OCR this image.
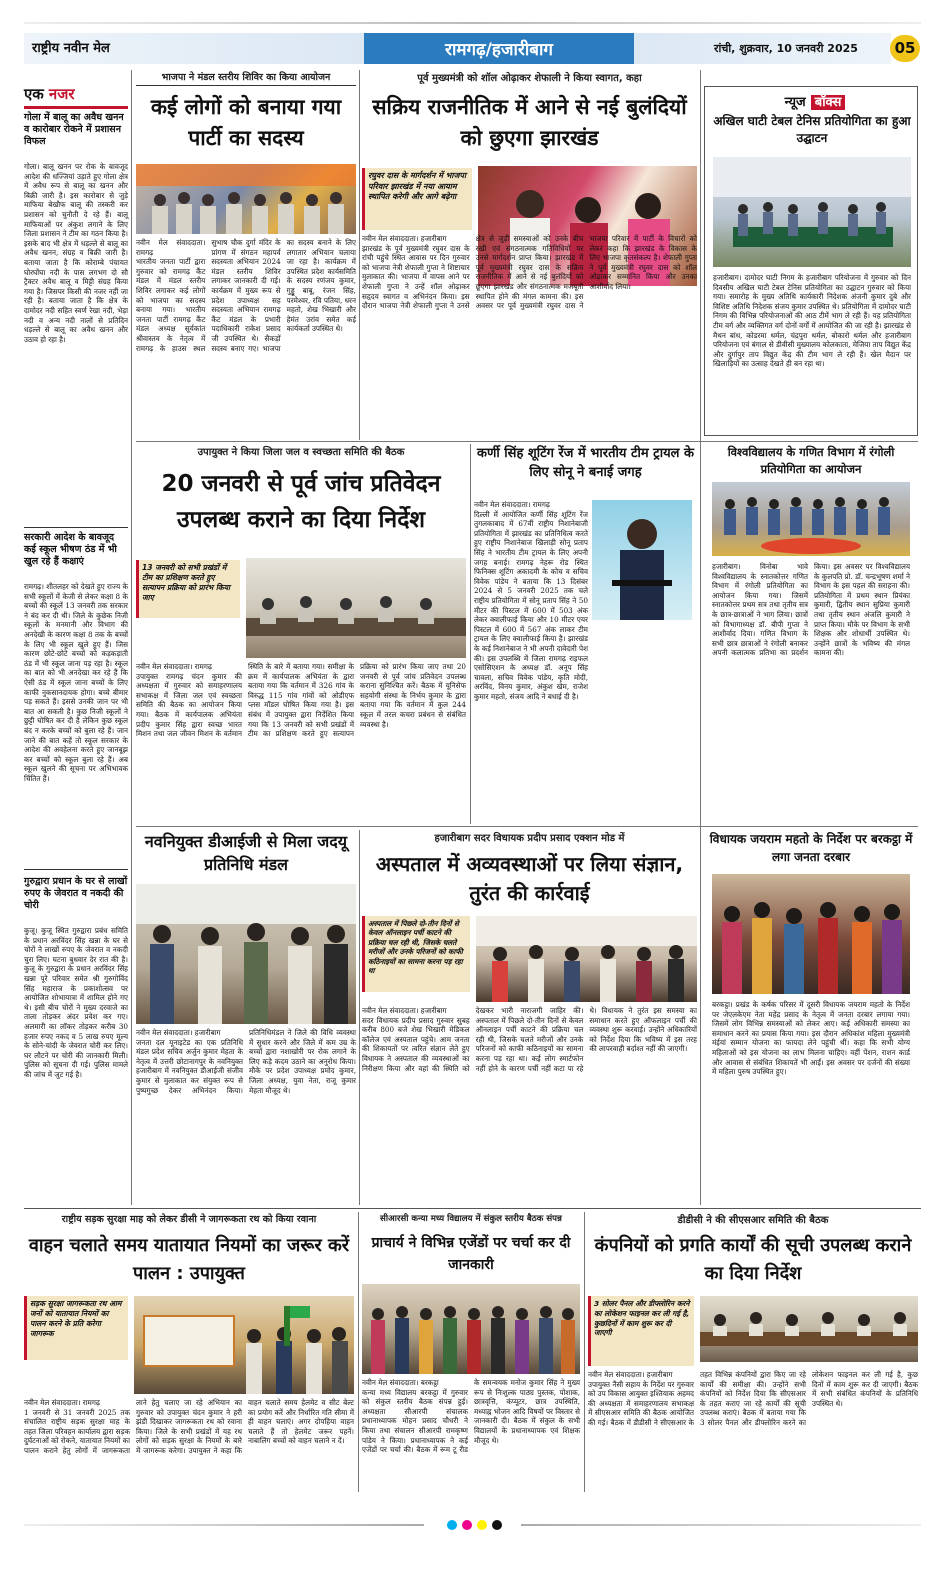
राष्ट्रीय नवीन मेल	रामगढ़/हजारीबाग	रांची, शुक्रवार, 10 जनवरी 2025	05
एक नजर
गोला में बालू का अवैध खनन व कारोबार रोकने में प्रशासन विफल
गोला। बालू खनन पर रोक के बावजूद आदेश की धज्जियां उड़ाते हुए गोला क्षेत्र में अवैध रूप से बालू का खनन और बिक्री जारी है। इस कारोबार से जुड़े माफिया बेखौफ बालू की तस्करी कर प्रशासन को चुनौती दे रहे हैं। बालू माफियाओं पर अंकुश लगाने के लिए जिला प्रशासन ने टीम का गठन किया है। इसके बाद भी क्षेत्र में धड़ल्ले से बालू का अवैध खनन, संग्रह व बिक्री जारी है। बताया जाता है कि कोराम्बे पंचायत घोरघोंघा नदी के पास लगभग दो सौ ट्रैक्टर अवैध बालू व मिट्टी संग्रह किया गया है। जिसपर किसी की नजर नहीं जा रही है। बताया जाता है कि क्षेत्र के दामोदर नदी सहित स्वर्ण रेखा नदी, भेड़ा नदी व अन्य नदी नालों से प्रतिदिन धड़ल्ले से बालू का अवैध खनन और उठाव हो रहा है।
सरकारी आदेश के बावजूद कई स्कूल भीषण ठंड में भी खुल रहे हैं कक्षाएं
रामगढ़। शीतलहर को देखते हुए राज्य के सभी स्कूलों में केजी से लेकर कक्षा 8 के बच्चों की स्कूलें 13 जनवरी तक सरकार ने बंद कर दी थी। जिले के कुछेक निजी स्कूलों के मनमानी और विभाग की अनदेखी के कारण कक्षा 8 तक के बच्चों के लिए भी स्कूल खुले हुए हैं। जिस कारण छोटे-छोटे बच्चों को कड़कड़ाती ठंड में भी स्कूल जाना पड़ रहा है। स्कूल का बात को भी अनदेखा कर रहे हैं कि ऐसी ठंड में स्कूल जाना बच्चों के लिए काफी नुकसानदायक होगा। बच्चे बीमार पड़ सकते हैं। इससे उनकी जान पर भी बात आ सकती है। कुछ निजी स्कूलों ने छुट्टी घोषित कर दी है लेकिन कुछ स्कूल बंद न करके बच्चों को बुला रहे हैं। जान जाने की बात कहें तो स्कूल सरकार के आदेश की अवहेलना करते हुए जानबूझ कर बच्चों को स्कूल बुला रहे हैं। अब स्कूल खुलने की सूचना पर अभिभावक चिंतित हैं।
गुरुद्वारा प्रधान के घर से लाखों रुपए के जेवरात व नकदी की चोरी
कुजू। कुजू स्थित गुरुद्वारा प्रबंध समिति के प्रधान अरविंदर सिंह खन्ना के घर से चोरों ने लाखों रुपए के जेवरात व नकदी चुरा लिए। घटना बुधवार देर रात की है। कुजू के गुरुद्वारा के प्रधान अरविंदर सिंह खन्ना पूरे परिवार समेत श्री गुरुगोविंद सिंह महाराज के प्रकाशोत्सव पर आयोजित शोभायात्रा में शामिल होने गए थे। इसी बीच चोरों ने मुख्य दरवाजे का ताला तोड़कर अंदर प्रवेश कर गए। अलमारी का लॉकर तोड़कर करीब 30 हजार रुपए नकद व 5 लाख रुपए मूल्य के सोने-चांदी के जेवरात चोरी कर लिए। घर लौटने पर चोरी की जानकारी मिली। पुलिस को सूचना दी गई। पुलिस मामले की जांच में जुट गई है।
भाजपा ने मंडल स्तरीय शिविर का किया आयोजन
कई लोगों को बनाया गया पार्टी का सदस्य
नवीन मेल संवाददाता। रामगढ़
भारतीय जनता पार्टी द्वारा गुरुवार को रामगढ़ कैंट मंडल में मंडल स्तरीय शिविर लगाकर कई लोगों को भाजपा का सदस्य बनाया गया। भारतीय जनता पार्टी रामगढ़ कैंट मंडल अध्यक्ष सूर्यकांत श्रीवास्तव के नेतृत्व में रामगढ़ के हाउस स्थल सुभाष चौक दुर्गा मंदिर के प्रांगण में संगठन महापर्व सदस्यता अभियान 2024 मंडल स्तरीय शिविर लगाकर जानकारी दी गई। कार्यक्रम में मुख्य रूप से प्रदेश उपाध्यक्ष सह सदस्यता अभियान रामगढ़ कैंट मंडल के प्रभारी पदाधिकारी राकेश प्रसाद जी उपस्थित थे। सैकड़ों सदस्य बनाए गए। भाजपा का सदस्य बनाने के लिए लगातार अभियान चलाया जा रहा है। कार्यक्रम में उपस्थित प्रदेश कार्यसमिति के सदस्य रणंजय कुमार, गुड्डू बाबू, रंजन सिंह, परमेश्वर, रवि पतिया, धरन महतो, शेख भिखारी और हेमंत उरांव समेत कई कार्यकर्ता उपस्थित थे।
पूर्व मुख्यमंत्री को शॉल ओढ़ाकर शेफाली ने किया स्वागत, कहा
सक्रिय राजनीतिक में आने से नई बुलंदियों को छुएगा झारखंड
रघुवर दास के मार्गदर्शन में भाजपा परिवार झारखंड में नया आयाम स्थापित करेगी और आगे बढ़ेगा
नवीन मेल संवाददाता। हजारीबाग
झारखंड के पूर्व मुख्यमंत्री रघुवर दास के रांची पहुंचे स्थित आवास पर दिन गुरुवार को भाजपा नेत्री शेफाली गुप्ता ने शिष्टाचार मुलाकात की। भाजपा में वापस आने पर शेफाली गुप्ता ने उन्हें शॉल ओढ़ाकर सहृदय स्वागत व अभिनंदन किया। इस दौरान भाजपा नेत्री शेफाली गुप्ता ने उनसे क्षेत्र से जुड़ी समस्याओं को उनके बीच रखी एवं संगठनात्मक गतिविधियों पर उनसे मार्गदर्शन प्राप्त किया। झारखंड में पूर्व मुख्यमंत्री रघुवर दास के सक्रिय राजनीतिक में आने से नई बुलंदियों को छूएगा झारखंड और संगठनात्मक मजबूती स्थापित होने की मंगल कामना की। इस अवसर पर पूर्व मुख्यमंत्री रघुवर दास ने भाजपा परिवार में पार्टी के विचारों को लेकर कहा कि झारखंड के विकास के लिए भाजपा कृतसंकल्प है। शेफाली गुप्ता ने पूर्व मुख्यमंत्री रघुवर दास को शॉल ओढ़ाकर सम्मानित किया और उनका आशीर्वाद लिया।
न्यूज बॉक्स
अखिल घाटी टेबल टेनिस प्रतियोगिता का हुआ उद्घाटन
हजारीबाग। दामोदर घाटी निगम के हजारीबाग परियोजना में गुरुवार को दिन दिवसीय अखिल घाटी टेबल टेनिस प्रतियोगिता का उद्घाटन गुरुवार को किया गया। समारोह के मुख्य अतिथि कार्यकारी निदेशक अंजनी कुमार दुबे और विशिष्ट अतिथि निदेशक संजय कुमार उपस्थित थे। प्रतियोगिता में दामोदर घाटी निगम की विभिन्न परियोजनाओं की आठ टीमें भाग ले रही हैं। यह प्रतियोगिता टीम वर्ग और व्यक्तिगत वर्ग दोनों वर्गों में आयोजित की जा रही है। झारखंड से मैथन बांध, कोडरमा थर्मल, चंद्रपुरा थर्मल, बोकारो थर्मल और हजारीबाग परियोजना एवं बंगाल से डीवीसी मुख्यालय कोलकाता, मेजिया ताप विद्युत केंद्र और दुर्गापुर ताप विद्युत केंद्र की टीम भाग ले रही हैं। खेल मैदान पर खिलाड़ियों का उत्साह देखते ही बन रहा था।
उपायुक्त ने किया जिला जल व स्वच्छता समिति की बैठक
20 जनवरी से पूर्व जांच प्रतिवेदन उपलब्ध कराने का दिया निर्देश
13 जनवरी को सभी प्रखंडों में टीम का प्रशिक्षण करते हुए सत्यापन प्रक्रिया को प्रारंभ किया जाए
नवीन मेल संवाददाता। रामगढ़
उपायुक्त रामगढ़ चंदन कुमार की अध्यक्षता में गुरुवार को समाहरणालय सभाकक्ष में जिला जल एवं स्वच्छता समिति की बैठक का आयोजन किया गया। बैठक में कार्यपालक अभियंता प्रदीप कुमार सिंह द्वारा स्वच्छ भारत मिशन तथा जल जीवन मिशन के वर्तमान स्थिति के बारे में बताया गया। समीक्षा के क्रम में कार्यपालक अभियंता के द्वारा बताया गया कि वर्तमान में 326 गांव के विरुद्ध 115 गांव गांवों को ओडीएफ प्लस मॉडल घोषित किया गया है। इस संबंध में उपायुक्त द्वारा निर्देशित किया गया कि 13 जनवरी को सभी प्रखंडों में टीम का प्रशिक्षण करते हुए सत्यापन प्रक्रिया को प्रारंभ किया जाए तथा 20 जनवरी से पूर्व जांच प्रतिवेदन उपलब्ध कराना सुनिश्चित करें। बैठक में यूनिसेफ सहयोगी संस्था के निर्भय कुमार के द्वारा बताया गया कि वर्तमान में कुल 244 स्कूल में तरल कचरा प्रबंधन से संबंधित व्यवस्था है।
कर्णी सिंह शूटिंग रेंज में भारतीय टीम ट्रायल के लिए सोनू ने बनाई जगह
नवीन मेल संवाददाता। रामगढ़
दिल्ली में आयोजित कर्णी सिंह शूटिंग रेंज तुगलकाबाद में 67वीं राष्ट्रीय निशानेबाजी प्रतियोगिता में झारखंड का प्रतिनिधित्व करते हुए राष्ट्रीय निशानेबाज खिलाड़ी सोनू प्रताप सिंह ने भारतीय टीम ट्रायल के लिए अपनी जगह बनाई। रामगढ़ नेहरू रोड स्थित फिनिक्स शूटिंग अकादमी के कोच व सचिव विवेक पांडेय ने बताया कि 13 दिसंबर 2024 से 5 जनवरी 2025 तक चले राष्ट्रीय प्रतियोगिता में सोनू प्रताप सिंह ने 50 मीटर की पिस्टल में 600 में 503 अंक लेकर क्वालीफाई किया और 10 मीटर एयर पिस्टल में 600 में 567 अंक लाकर टीम ट्रायल के लिए क्वालीफाई किया है। झारखंड के कई निशानेबाज ने भी अपनी दावेदारी पेश की। इस उपलब्धि में जिला रामगढ़ राइफल एसोसिएशन के अध्यक्ष डॉ. अनूप सिंह चावला, सचिव विवेक पांडेय, कृति मोदी, अरविंद, विनय कुमार, अंकुश खेम, राजेश कुमार महतो, संजय आदि ने बधाई दी है।
विश्वविद्यालय के गणित विभाग में रंगोली प्रतियोगिता का आयोजन
हजारीबाग। विनोबा भावे विश्वविद्यालय के स्नातकोत्तर गणित विभाग में रंगोली प्रतियोगिता का आयोजन किया गया। जिसमें स्नातकोत्तर प्रथम सत्र तथा तृतीय सत्र के छात्र-छात्राओं ने भाग लिया। छात्रों को विभागाध्यक्ष डॉ. बीपी गुप्ता ने आशीर्वाद दिया। गणित विभाग के सभी छात्र छात्राओं ने रंगोली बनाकर अपनी कलात्मक प्रतिभा का प्रदर्शन किया। इस अवसर पर विश्वविद्यालय के कुलपति प्रो. डॉ. चन्द्रभूषण शर्मा ने विभाग के इस पहल की सराहना की। प्रतियोगिता में प्रथम स्थान प्रियंका कुमारी, द्वितीय स्थान सुप्रिया कुमारी तथा तृतीय स्थान अंजलि कुमारी ने प्राप्त किया। मौके पर विभाग के सभी शिक्षक और शोधार्थी उपस्थित थे। उन्होंने छात्रों के भविष्य की मंगल कामना की।
नवनियुक्त डीआईजी से मिला जदयू प्रतिनिधि मंडल
नवीन मेल संवाददाता। हजारीबाग
जनता दल यूनाइटेड का एक प्रतिनिधि मंडल प्रदेश सचिव अर्जुन कुमार मेहता के नेतृत्व में उत्तरी छोटानागपुर के नवनियुक्त हजारीबाग में नवनियुक्त डीआईजी संजीव कुमार से मुलाकात कर संयुक्त रूप से पुष्पगुच्छ देकर अभिनंदन किया। प्रतिनिधिमंडल ने जिले की विधि व्यवस्था में सुधार करने और जिले में कम उम्र के बच्चों द्वारा नशाखोरी पर रोक लगाने के लिए कड़े कदम उठाने का अनुरोध किया। मौके पर प्रदेश उपाध्यक्ष प्रमोद कुमार, जिला अध्यक्ष, युवा नेता, राजू कुमार मेहता मौजूद थे।
हजारीबाग सदर विधायक प्रदीप प्रसाद एक्शन मोड में
अस्पताल में अव्यवस्थाओं पर लिया संज्ञान, तुरंत की कार्रवाई
अस्पताल में पिछले दो-तीन दिनों से केवल ऑनलाइन पर्ची काटने की प्रक्रिया चल रही थी, जिसके चलते मरीजों और उनके परिजनों को काफी कठिनाइयों का सामना करना पड़ रहा था
नवीन मेल संवाददाता। हजारीबाग
सदर विधायक प्रदीप प्रसाद गुरुवार सुबह करीब 800 बजे शेख भिखारी मेडिकल कॉलेज एवं अस्पताल पहुंचे। आम जनता की शिकायतों पर त्वरित संज्ञान लेते हुए विधायक ने अस्पताल की व्यवस्थाओं का निरीक्षण किया और वहां की स्थिति को देखकर भारी नाराजगी जाहिर की। अस्पताल में पिछले दो-तीन दिनों से केवल ऑनलाइन पर्ची काटने की प्रक्रिया चल रही थी, जिसके चलते मरीजों और उनके परिजनों को काफी कठिनाइयों का सामना करना पड़ रहा था। कई लोग स्मार्टफोन नहीं होने के कारण पर्ची नहीं कटा पा रहे थे। विधायक ने तुरंत इस समस्या का समाधान करते हुए ऑफलाइन पर्ची की व्यवस्था शुरू करवाई। उन्होंने अधिकारियों को निर्देश दिया कि भविष्य में इस तरह की लापरवाही बर्दाश्त नहीं की जाएगी।
विधायक जयराम महतो के निर्देश पर बरकट्ठा में लगा जनता दरबार
बरकट्ठा। प्रखंड के कर्षक परिसर में दूसरी विधायक जयराम महतो के निर्देश पर जेएलकेएम नेता महेंद्र प्रसाद के नेतृत्व में जनता दरबार लगाया गया। जिसमें लोग विभिन्न समस्याओं को लेकर आए। कई अधिकारी समस्या का समाधान करने का प्रयास किया गया। इस दौरान अधिकांश महिला मुख्यमंत्री मंईयां सम्मान योजना का फायदा लेने पहुंची थीं। कहा कि सभी योग्य महिलाओं को इस योजना का लाभ मिलना चाहिए। वहीं पेंशन, राशन कार्ड और आवास से संबंधित शिकायतें भी आईं। इस अवसर पर दर्जनों की संख्या में महिला पुरुष उपस्थित हुए।
राष्ट्रीय सड़क सुरक्षा माह को लेकर डीसी ने जागरूकता रथ को किया रवाना
वाहन चलाते समय यातायात नियमों का जरूर करें पालन : उपायुक्त
सड़क सुरक्षा जागरूकता रथ आम जनों को यातायात नियमों का पालन करने के प्रति करेगा जागरूक
नवीन मेल संवाददाता। रामगढ़
1 जनवरी से 31 जनवरी 2025 तक संचालित राष्ट्रीय सड़क सुरक्षा माह के तहत जिला परिवहन कार्यालय द्वारा सड़क दुर्घटनाओं को रोकने, यातायात नियमों का पालन कराने हेतु लोगों में जागरूकता लाने हेतु चलाए जा रहे अभियान का गुरुवार को उपायुक्त चंदन कुमार ने हरी झंडी दिखाकर जागरूकता रथ को रवाना किया। जिले के सभी प्रखंडों में यह रथ लोगों को सड़क सुरक्षा के नियमों के बारे में जागरूक करेगा। उपायुक्त ने कहा कि वाहन चलाते समय हेलमेट व सीट बेल्ट का प्रयोग करें और निर्धारित गति सीमा में ही वाहन चलाएं। अगर दोपहिया वाहन चलाते हैं तो हेलमेट जरूर पहनें। नाबालिग बच्चों को वाहन चलाने न दें।
सीआरसी कन्या मध्य विद्यालय में संकुल स्तरीय बैठक संपन्न
प्राचार्य ने विभिन्न एजेंडों पर चर्चा कर दी जानकारी
नवीन मेल संवाददाता। बरकट्ठा
कन्या मध्य विद्यालय बरकट्ठा में गुरुवार को संकुल स्तरीय बैठक संपन्न हुई। अध्यक्षता सीआरपी संचालक प्रधानाध्यापक मोहन प्रसाद चौधरी ने किया तथा संचालन सीआरपी रामकृष्ण पांडेय ने किया। प्रधानाध्यापक ने कई एजेंडों पर चर्चा की। बैठक में रूम टू रीड के समन्वयक मनोज कुमार सिंह ने मुख्य रूप से निःशुल्क पाठ्य पुस्तक, पोशाक, छात्रवृत्ति, कंप्यूटर, छात्र उपस्थिति, मध्याह्न भोजन आदि विषयों पर विस्तार से जानकारी दी। बैठक में संकुल के सभी विद्यालयों के प्रधानाध्यापक एवं शिक्षक मौजूद थे।
डीडीसी ने की सीएसआर समिति की बैठक
कंपनियों को प्रगति कार्यों की सूची उपलब्ध कराने का दिया निर्देश
3 सोलर पैनल और डीफ्लोरिन करने का लोकेशन फाइनल कर ली गई है, कुछदिनों में काम शुरू कर दी जाएगी
नवीन मेल संवाददाता। हजारीबाग
उपायुक्त नैंसी सहाय के निर्देश पर गुरुवार को उप विकास आयुक्त इश्तियाक अहमद की अध्यक्षता में समाहरणालय सभाकक्ष में सीएसआर समिति की बैठक आयोजित की गई। बैठक में डीडीसी ने सीएसआर के तहत विभिन्न कंपनियों द्वारा किए जा रहे कार्यों की समीक्षा की। उन्होंने सभी कंपनियों को निर्देश दिया कि सीएसआर के तहत कराए जा रहे कार्यों की सूची उपलब्ध कराएं। बैठक में बताया गया कि 3 सोलर पैनल और डीफ्लोरिन करने का लोकेशन फाइनल कर ली गई है, कुछ दिनों में काम शुरू कर दी जाएगी। बैठक में सभी संबंधित कंपनियों के प्रतिनिधि उपस्थित थे।
